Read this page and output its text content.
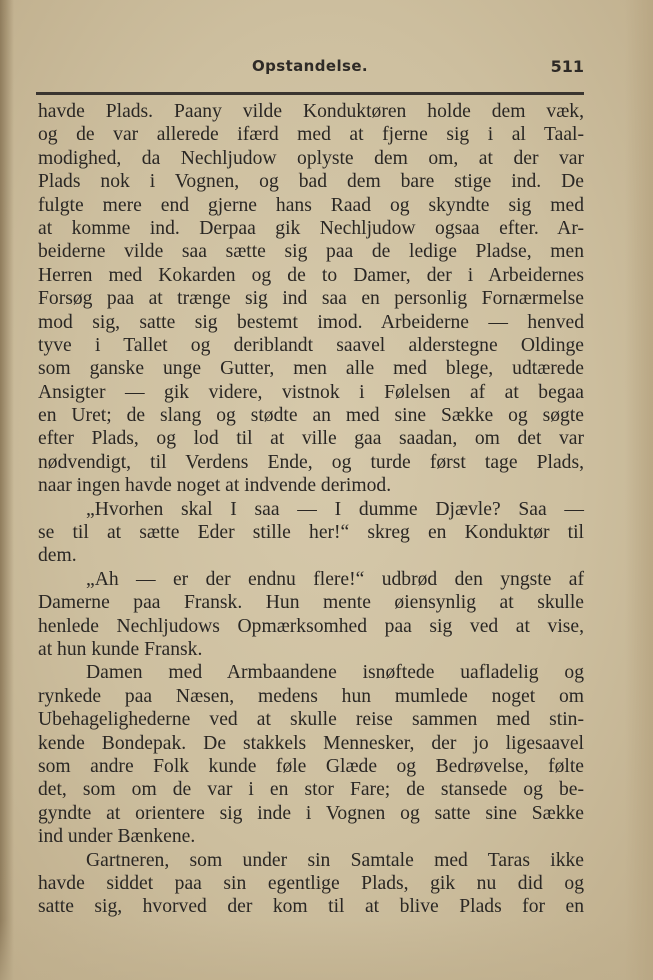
Opstandelse.	511
havde Plads. Paany vilde Konduktøren holde dem væk,
og de var allerede ifærd med at fjerne sig i al Taal-
modighed, da Nechljudow oplyste dem om, at der var
Plads nok i Vognen, og bad dem bare stige ind. De
fulgte mere end gjerne hans Raad og skyndte sig med
at komme ind. Derpaa gik Nechljudow ogsaa efter. Ar-
beiderne vilde saa sætte sig paa de ledige Pladse, men
Herren med Kokarden og de to Damer, der i Arbeidernes
Forsøg paa at trænge sig ind saa en personlig Fornærmelse
mod sig, satte sig bestemt imod. Arbeiderne — henved
tyve i Tallet og deriblandt saavel alderstegne Oldinge
som ganske unge Gutter, men alle med blege, udtærede
Ansigter — gik videre, vistnok i Følelsen af at begaa
en Uret; de slang og stødte an med sine Sække og søgte
efter Plads, og lod til at ville gaa saadan, om det var
nødvendigt, til Verdens Ende, og turde først tage Plads,
naar ingen havde noget at indvende derimod.
„Hvorhen skal I saa — I dumme Djævle? Saa —
se til at sætte Eder stille her!“ skreg en Konduktør til
dem.
„Ah — er der endnu flere!“ udbrød den yngste af
Damerne paa Fransk. Hun mente øiensynlig at skulle
henlede Nechljudows Opmærksomhed paa sig ved at vise,
at hun kunde Fransk.
Damen med Armbaandene isnøftede uafladelig og
rynkede paa Næsen, medens hun mumlede noget om
Ubehagelighederne ved at skulle reise sammen med stin-
kende Bondepak. De stakkels Mennesker, der jo ligesaavel
som andre Folk kunde føle Glæde og Bedrøvelse, følte
det, som om de var i en stor Fare; de stansede og be-
gyndte at orientere sig inde i Vognen og satte sine Sække
ind under Bænkene.
Gartneren, som under sin Samtale med Taras ikke
havde siddet paa sin egentlige Plads, gik nu did og
satte sig, hvorved der kom til at blive Plads for en
